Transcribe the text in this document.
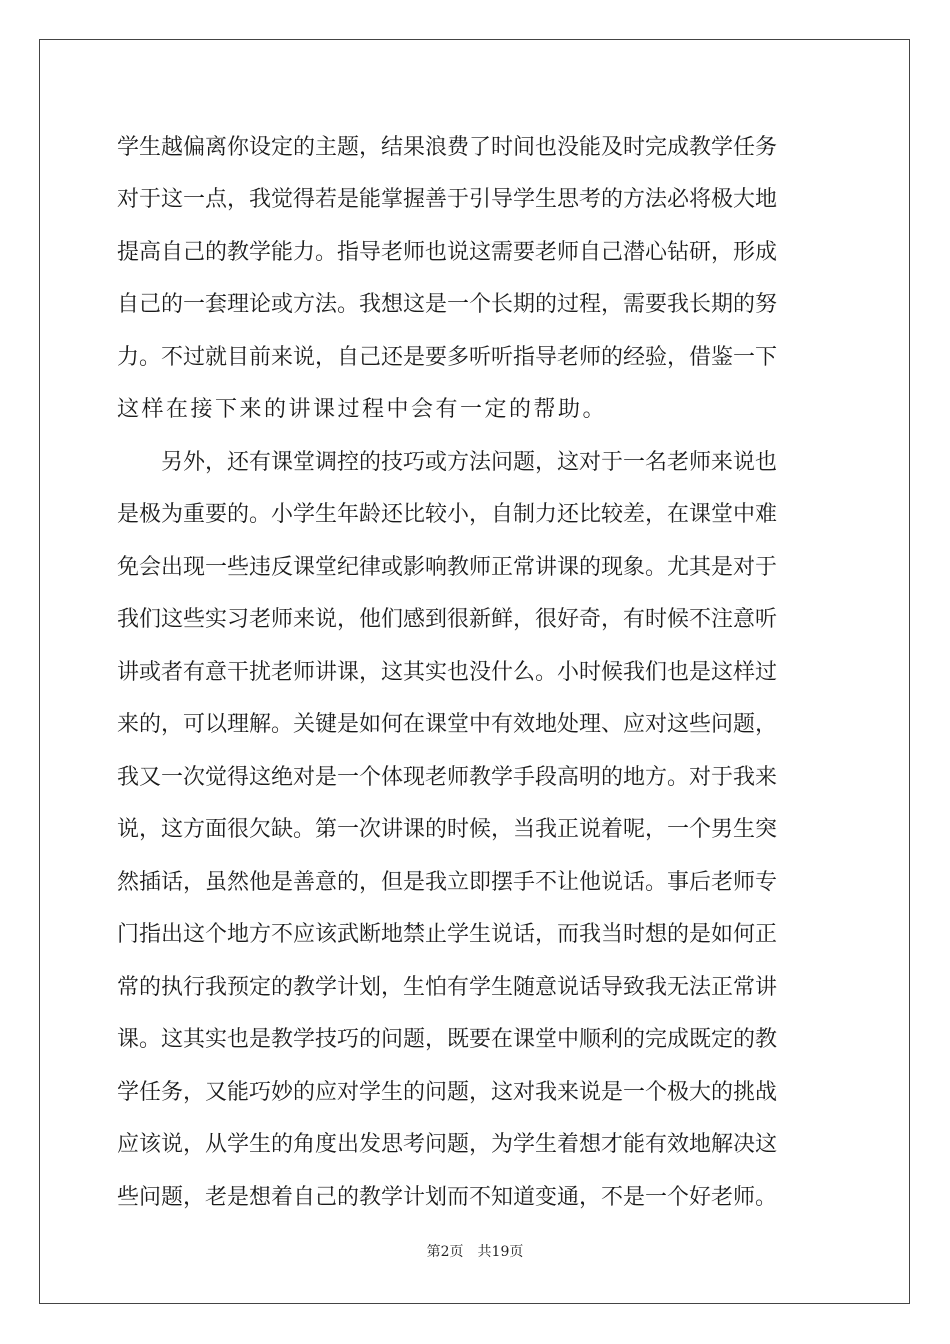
学生越偏离你设定的主题，结果浪费了时间也没能及时完成教学任务
对于这一点，我觉得若是能掌握善于引导学生思考的方法必将极大地
提高自己的教学能力。指导老师也说这需要老师自己潜心钻研，形成
自己的一套理论或方法。我想这是一个长期的过程，需要我长期的努
力。不过就目前来说，自己还是要多听听指导老师的经验，借鉴一下
这样在接下来的讲课过程中会有一定的帮助。
　　另外，还有课堂调控的技巧或方法问题，这对于一名老师来说也
是极为重要的。小学生年龄还比较小，自制力还比较差，在课堂中难
免会出现一些违反课堂纪律或影响教师正常讲课的现象。尤其是对于
我们这些实习老师来说，他们感到很新鲜，很好奇，有时候不注意听
讲或者有意干扰老师讲课，这其实也没什么。小时候我们也是这样过
来的，可以理解。关键是如何在课堂中有效地处理、应对这些问题，
我又一次觉得这绝对是一个体现老师教学手段高明的地方。对于我来
说，这方面很欠缺。第一次讲课的时候，当我正说着呢，一个男生突
然插话，虽然他是善意的，但是我立即摆手不让他说话。事后老师专
门指出这个地方不应该武断地禁止学生说话，而我当时想的是如何正
常的执行我预定的教学计划，生怕有学生随意说话导致我无法正常讲
课。这其实也是教学技巧的问题，既要在课堂中顺利的完成既定的教
学任务，又能巧妙的应对学生的问题，这对我来说是一个极大的挑战
应该说，从学生的角度出发思考问题，为学生着想才能有效地解决这
些问题，老是想着自己的教学计划而不知道变通，不是一个好老师。
第2页 共19页
